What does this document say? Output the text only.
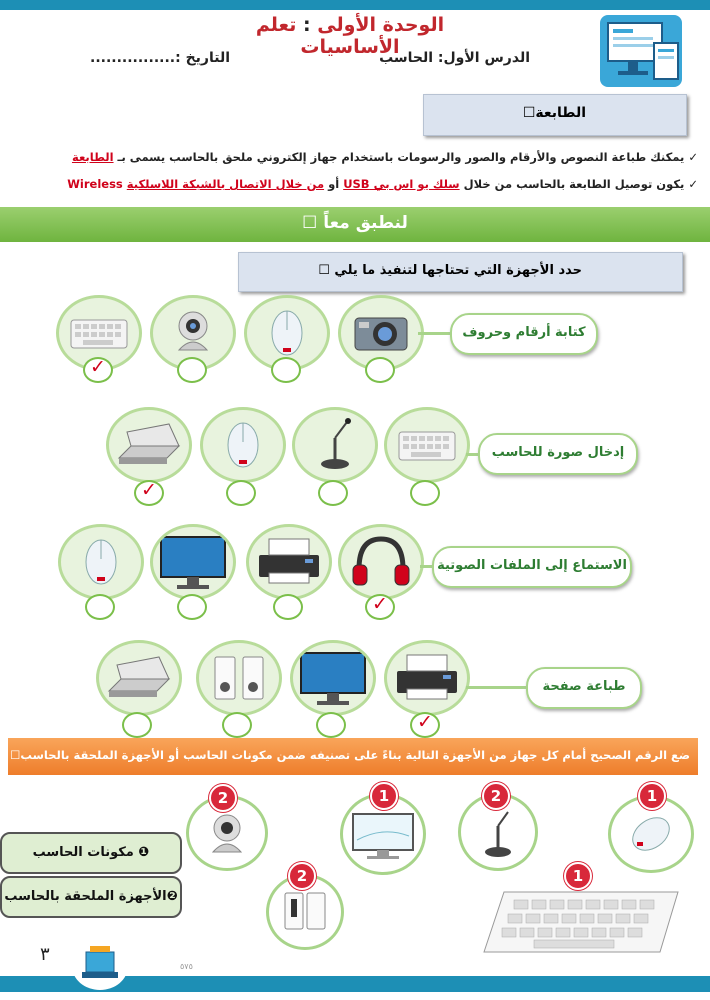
الوحدة الأولى : تعلم الأساسيات
الدرس الأول: الحاسب
التاريخ :................
الطابعة☐
✓ يمكنك طباعة النصوص والأرقام والصور والرسومات باستخدام جهاز إلكتروني ملحق بالحاسب يسمى بـ الطابعة
✓ يكون توصيل الطابعة بالحاسب من خلال سلك يو اس بي USB أو من خلال الاتصال بالشبكة اللاسلكية Wireless
لنطبق معاً ☐
حدد الأجهزة التي تحتاجها لتنفيذ ما يلي ☐
كتابة أرقام وحروف
✓
إدخال صورة للحاسب
✓
الاستماع إلى الملفات الصوتية
✓
طباعة صفحة
✓
ضع الرقم الصحيح أمام كل جهاز من الأجهزة التالية بناءً على تصنيفه ضمن مكونات الحاسب أو الأجهزة الملحقة بالحاسب☐
2	1	2	1
2	1
❶ مكونات الحاسب
❷الأجهزة الملحقة بالحاسب
٣
٥٧٥
